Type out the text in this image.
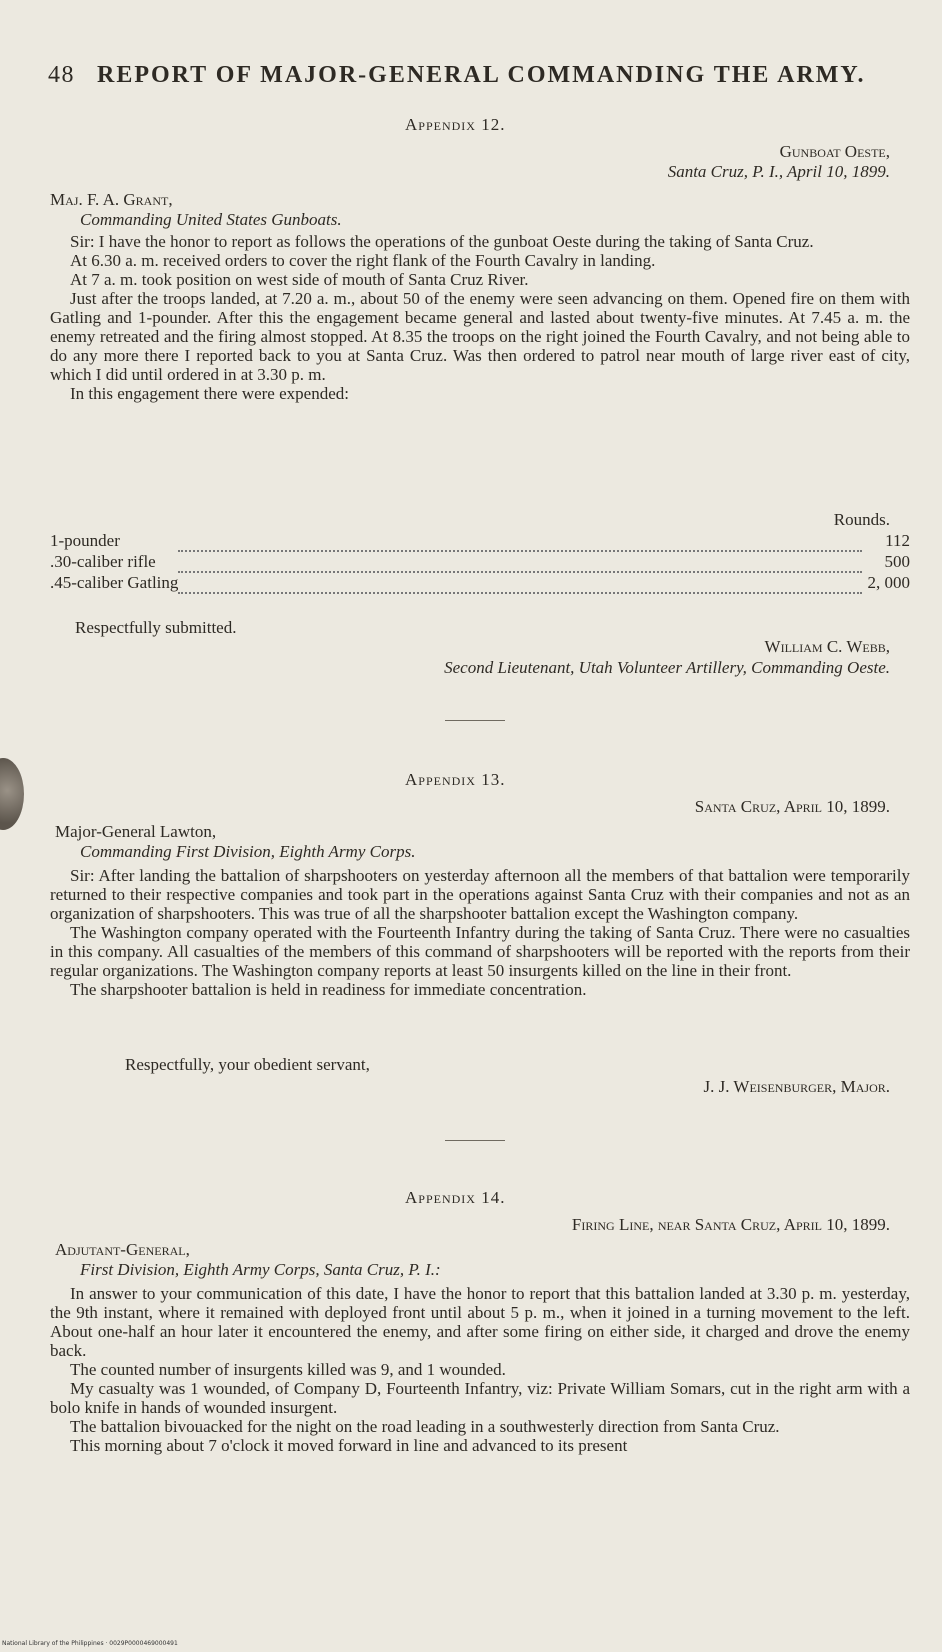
48 REPORT OF MAJOR-GENERAL COMMANDING THE ARMY.
Appendix 12.
Gunboat Oeste,
Santa Cruz, P. I., April 10, 1899.
Maj. F. A. Grant,
Commanding United States Gunboats.

Sir: I have the honor to report as follows the operations of the gunboat Oeste during the taking of Santa Cruz.

At 6.30 a. m. received orders to cover the right flank of the Fourth Cavalry in landing.

At 7 a. m. took position on west side of mouth of Santa Cruz River.

Just after the troops landed, at 7.20 a. m., about 50 of the enemy were seen advancing on them. Opened fire on them with Gatling and 1-pounder. After this the engagement became general and lasted about twenty-five minutes. At 7.45 a. m. the enemy retreated and the firing almost stopped. At 8.35 the troops on the right joined the Fourth Cavalry, and not being able to do any more there I reported back to you at Santa Cruz. Was then ordered to patrol near mouth of large river east of city, which I did until ordered in at 3.30 p. m.

In this engagement there were expended:

Rounds.
1-pounder		112
.30-caliber rifle		500
.45-caliber Gatling		2, 000
Respectfully submitted.
William C. Webb,
Second Lieutenant, Utah Volunteer Artillery, Commanding Oeste.
Appendix 13.
Santa Cruz, April 10, 1899.
Major-General Lawton,
Commanding First Division, Eighth Army Corps.

Sir: After landing the battalion of sharpshooters on yesterday afternoon all the members of that battalion were temporarily returned to their respective companies and took part in the operations against Santa Cruz with their companies and not as an organization of sharpshooters. This was true of all the sharpshooter battalion except the Washington company.

The Washington company operated with the Fourteenth Infantry during the taking of Santa Cruz. There were no casualties in this company. All casualties of the members of this command of sharpshooters will be reported with the reports from their regular organizations. The Washington company reports at least 50 insurgents killed on the line in their front.

The sharpshooter battalion is held in readiness for immediate concentration.

Respectfully, your obedient servant,
J. J. Weisenburger, Major.
Appendix 14.
Firing Line, near Santa Cruz, April 10, 1899.
Adjutant-General,
First Division, Eighth Army Corps, Santa Cruz, P. I.:

In answer to your communication of this date, I have the honor to report that this battalion landed at 3.30 p. m. yesterday, the 9th instant, where it remained with deployed front until about 5 p. m., when it joined in a turning movement to the left. About one-half an hour later it encountered the enemy, and after some firing on either side, it charged and drove the enemy back.

The counted number of insurgents killed was 9, and 1 wounded.

My casualty was 1 wounded, of Company D, Fourteenth Infantry, viz: Private William Somars, cut in the right arm with a bolo knife in hands of wounded insurgent.

The battalion bivouacked for the night on the road leading in a southwesterly direction from Santa Cruz.

This morning about 7 o'clock it moved forward in line and advanced to its present

National Library of the Philippines · 0029P0000469000491
